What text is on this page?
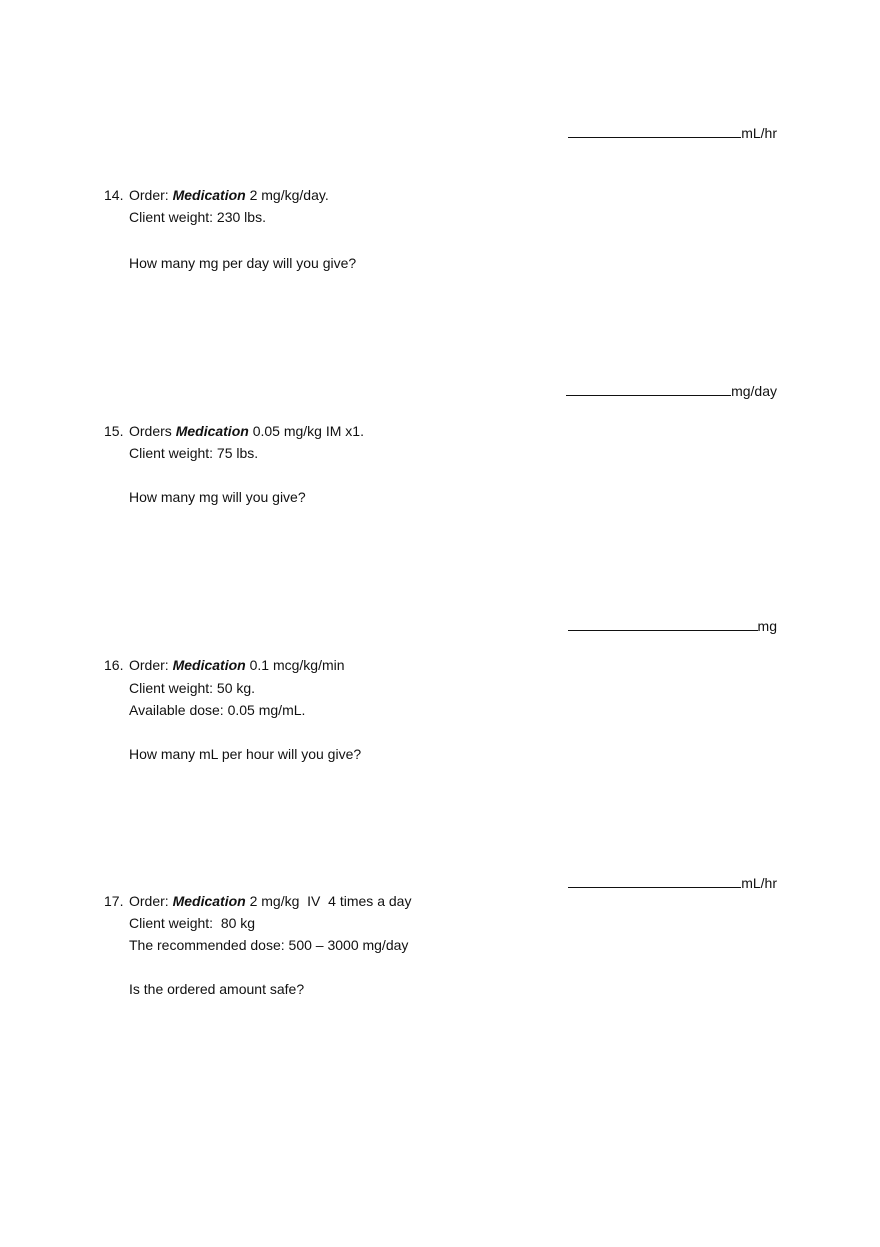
mL/hr

14. Order: Medication 2 mg/kg/day.
Client weight: 230 lbs.
How many mg per day will you give?

mg/day

15. Orders Medication 0.05 mg/kg IM x1.
Client weight: 75 lbs.
How many mg will you give?

mg

16. Order: Medication 0.1 mcg/kg/min
Client weight: 50 kg.
Available dose: 0.05 mg/mL.
How many mL per hour will you give?

mL/hr

17. Order: Medication 2 mg/kg  IV  4 times a day
Client weight:  80 kg
The recommended dose: 500 – 3000 mg/day
Is the ordered amount safe?
